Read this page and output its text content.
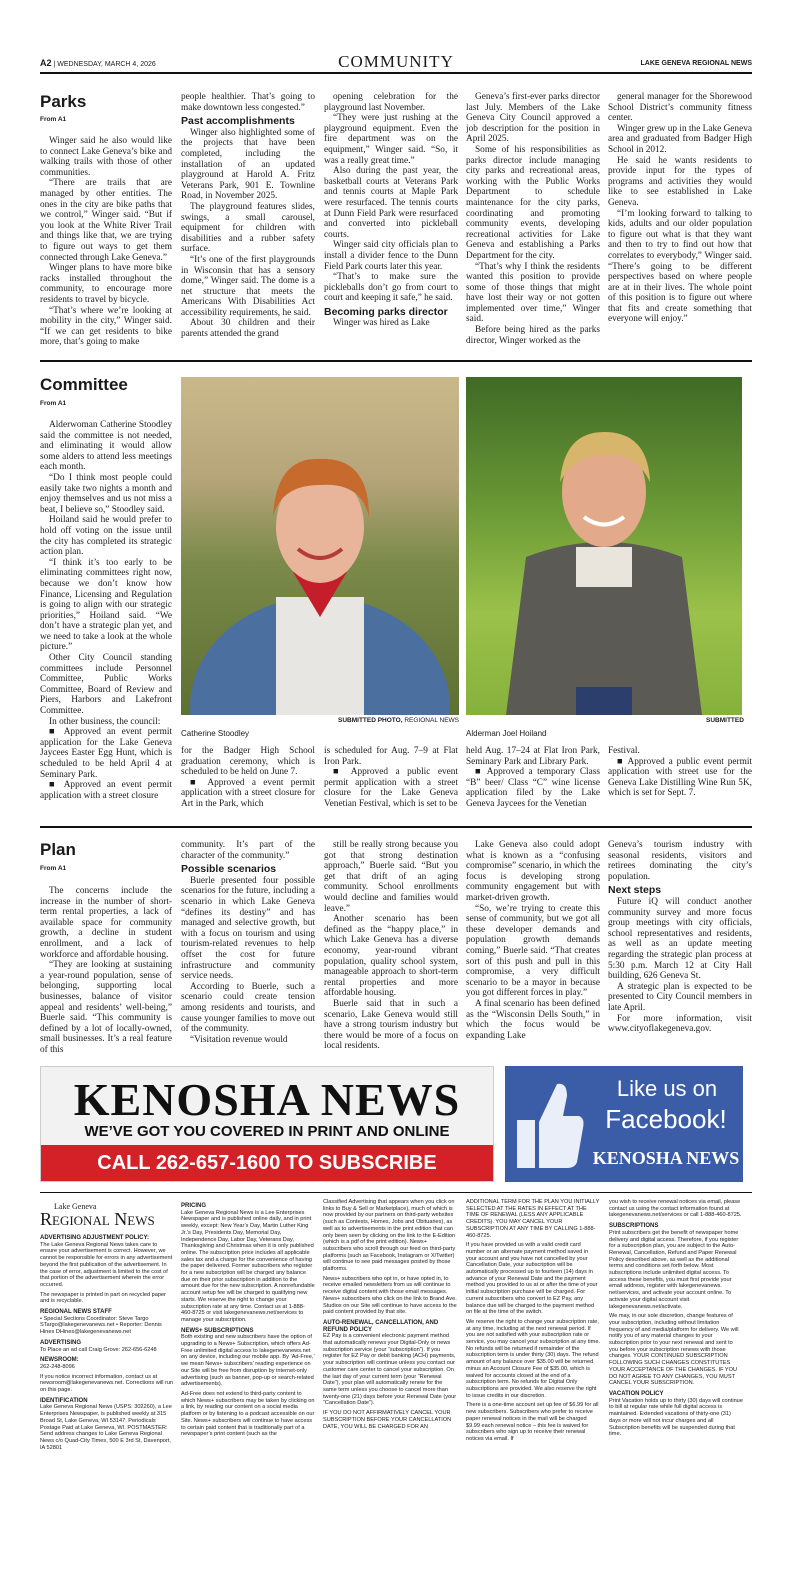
A2 | WEDNESDAY, MARCH 4, 2026	COMMUNITY	LAKE GENEVA REGIONAL NEWS
Parks
From A1

Winger said he also would like to connect Lake Geneva’s bike and walking trails with those of other communities.

“There are trails that are managed by other entities. The ones in the city are bike paths that we control,” Winger said. “But if you look at the White River Trail and things like that, we are trying to figure out ways to get them connected through Lake Geneva.”

Winger plans to have more bike racks installed throughout the community, to encourage more residents to travel by bicycle.

“That’s where we’re looking at mobility in the city,” Winger said. “If we can get residents to bike more, that’s going to make

people healthier. That’s going to make downtown less congested.”
Past accomplishments

Winger also highlighted some of the projects that have been completed, including the installation of an updated playground at Harold A. Fritz Veterans Park, 901 E. Townline Road, in November 2025.

The playground features slides, swings, a small carousel, equipment for children with disabilities and a rubber safety surface.

“It’s one of the first playgrounds in Wisconsin that has a sensory dome,” Winger said. The dome is a net structure that meets the Americans With Disabilities Act accessibility requirements, he said.

About 30 children and their parents attended the grand

opening celebration for the playground last November.

“They were just rushing at the playground equipment. Even the fire department was on the equipment,” Winger said. “So, it was a really great time.”

Also during the past year, the basketball courts at Veterans Park and tennis courts at Maple Park were resurfaced. The tennis courts at Dunn Field Park were resurfaced and converted into pickleball courts.

Winger said city officials plan to install a divider fence to the Dunn Field Park courts later this year.

“That’s to make sure the pickleballs don’t go from court to court and keeping it safe,” he said.

Becoming parks director

Winger was hired as Lake

Geneva’s first-ever parks director last July. Members of the Lake Geneva City Council approved a job description for the position in April 2025.

Some of his responsibilities as parks director include managing city parks and recreational areas, working with the Public Works Department to schedule maintenance for the city parks, coordinating and promoting community events, developing recreational activities for Lake Geneva and establishing a Parks Department for the city.

“That’s why I think the residents wanted this position to provide some of those things that might have lost their way or not gotten implemented over time,” Winger said.

Before being hired as the parks director, Winger worked as the

general manager for the Shorewood School District’s community fitness center.

Winger grew up in the Lake Geneva area and graduated from Badger High School in 2012.

He said he wants residents to provide input for the types of programs and activities they would like to see established in Lake Geneva.

“I’m looking forward to talking to kids, adults and our older population to figure out what is that they want and then to try to find out how that correlates to everybody,” Winger said. “There’s going to be different perspectives based on where people are at in their lives. The whole point of this position is to figure out where that fits and create something that everyone will enjoy.”

Committee
From A1

Alderwoman Catherine Stoodley said the committee is not needed, and eliminating it would allow some alders to attend less meetings each month.

“Do I think most people could easily take two nights a month and enjoy themselves and us not miss a beat, I believe so,” Stoodley said.

Hoiland said he would prefer to hold off voting on the issue until the city has completed its strategic action plan.

“I think it’s too early to be eliminating committees right now, because we don’t know how Finance, Licensing and Regulation is going to align with our strategic priorities,” Hoiland said. “We don’t have a strategic plan yet, and we need to take a look at the whole picture.”

Other City Council standing committees include Personnel Committee, Public Works Committee, Board of Review and Piers, Harbors and Lakefront Committee.

In other business, the council:

■ Approved an event permit application for the Lake Geneva Jaycees Easter Egg Hunt, which is scheduled to be held April 4 at Seminary Park.

■ Approved an event permit application with a street closure

SUBMITTED PHOTO, REGIONAL NEWS
Catherine Stoodley
SUBMITTED
Alderman Joel Hoiland
for the Badger High School graduation ceremony, which is scheduled to be held on June 7.

■ Approved a event permit application with a street closure for Art in the Park, which

is scheduled for Aug. 7–9 at Flat Iron Park.

■ Approved a public event permit application with a street closure for the Lake Geneva Venetian Festival, which is set to be

held Aug. 17–24 at Flat Iron Park, Seminary Park and Library Park.

■ Approved a temporary Class “B” beer/ Class “C” wine license application filed by the Lake Geneva Jaycees for the Venetian

Festival.

■ Approved a public event permit application with street use for the Geneva Lake Distilling Wine Run 5K, which is set for Sept. 7.

Plan
From A1

The concerns include the increase in the number of short-term rental properties, a lack of available space for community growth, a decline in student enrollment, and a lack of workforce and affordable housing.

“They are looking at sustaining a year-round population, sense of belonging, supporting local businesses, balance of visitor appeal and residents’ well-being,” Buerle said. “This community is defined by a lot of locally-owned, small businesses. It’s a real feature of this

community. It’s part of the character of the community.”
Possible scenarios

Buerle presented four possible scenarios for the future, including a scenario in which Lake Geneva “defines its destiny” and has managed and selective growth, but with a focus on tourism and using tourism-related revenues to help offset the cost for future infrastructure and community service needs.

According to Buerle, such a scenario could create tension among residents and tourists, and cause younger families to move out of the community.

“Visitation revenue would

still be really strong because you got that strong destination approach,” Buerle said. “But you get that drift of an aging community. School enrollments would decline and families would leave.”

Another scenario has been defined as the “happy place,” in which Lake Geneva has a diverse economy, year-round vibrant population, quality school system, manageable approach to short-term rental properties and more affordable housing.

Buerle said that in such a scenario, Lake Geneva would still have a strong tourism industry but there would be more of a focus on local residents.

Lake Geneva also could adopt what is known as a “confusing compromise” scenario, in which the focus is developing strong community engagement but with market-driven growth.

“So, we’re trying to create this sense of community, but we got all these developer demands and population growth demands coming,” Buerle said. “That creates sort of this push and pull in this compromise, a very difficult scenario to be a mayor in because you got different forces in play.”

A final scenario has been defined as the “Wisconsin Dells South,” in which the focus would be expanding Lake

Geneva’s tourism industry with seasonal residents, visitors and retirees dominating the city’s population.
Next steps

Future iQ will conduct another community survey and more focus group meetings with city officials, school representatives and residents, as well as an update meeting regarding the strategic plan process at 5:30 p.m. March 12 at City Hall building, 626 Geneva St.

A strategic plan is expected to be presented to City Council members in late April.

For more information, visit www.cityoflakegeneva.gov.

KENOSHA NEWS
WE’VE GOT YOU COVERED IN PRINT AND ONLINE
CALL 262-657-1600 TO SUBSCRIBE
Like us on
Facebook!
KENOSHA NEWS
Lake Geneva
Regional News
ADVERTISING ADJUSTMENT POLICY:

The Lake Geneva Regional News takes care to ensure your advertisement is correct. However, we cannot be responsible for errors in any advertisement beyond the first publication of the advertisement. In the case of error, adjustment is limited to the cost of that portion of the advertisement wherein the error occurred.

The newspaper is printed in part on recycled paper and is recyclable.

REGIONAL NEWS STAFF

• Special Sections Coordinator: Steve Targo STargo@lakegenevanews.net • Reporter: Dennis Hines DHines@lakegenevanews.net

ADVERTISING

To Place an ad call Craig Grove: 262-656-6248

NEWSROOM:

262-248-8096

If you notice incorrect information, contact us at newsroom@lakegenevanews.net. Corrections will run on this page.

IDENTIFICATION

Lake Geneva Regional News (USPS: 302260), a Lee Enterprises Newspaper, is published weekly at 315 Broad St, Lake Geneva, WI 53147. Periodicals Postage Paid at Lake Geneva, WI. POSTMASTER: Send address changes to Lake Geneva Regional News c/o Quad-City Times, 500 E 3rd St, Davenport, IA 52801

PRICING

Lake Geneva Regional News is a Lee Enterprises Newspaper and is published online daily, and in print weekly, except: New Year’s Day, Martin Luther King Jr.’s Day, Presidents Day, Memorial Day, Independence Day, Labor Day, Veterans Day, Thanksgiving and Christmas when it is only published online. The subscription price includes all applicable sales tax and a charge for the convenience of having the paper delivered. Former subscribers who register for a new subscription will be charged any balance due on their prior subscription in addition to the amount due for the new subscription. A nonrefundable account setup fee will be charged to qualifying new starts. We reserve the right to change your subscription rate at any time. Contact us at 1-888-460-8725 or visit lakegenevanews.net/services to manage your subscription.

NEWS+ SUBSCRIPTIONS

Both existing and new subscribers have the option of upgrading to a News+ Subscription, which offers Ad-Free unlimited digital access to lakegenevanews.net on any device, including our mobile app. By ‘Ad-Free,’ we mean News+ subscribers’ reading experience on our Site will be free from disruption by internet-only advertising (such as banner, pop-up or search-related advertisements).

Ad-Free does not extend to third-party content to which News+ subscribers may be taken by clicking on a link, by reading our content on a social media platform or by listening to a podcast accessible on our Site. News+ subscribers will continue to have access to certain paid content that is traditionally part of a newspaper’s print content (such as the

Classified Advertising that appears when you click on links to Buy & Sell or Marketplace), much of which is now provided by our partners on third-party websites (such as Contests, Homes, Jobs and Obituaries), as well as to advertisements in the print edition that can only been seen by clicking on the link to the E-Edition (which is a pdf of the print edition). News+ subscribers who scroll through our feed on third-party platforms (such as Facebook, Instagram or X/Twitter) will continue to see paid messages posted by those platforms.

News+ subscribers who opt in, or have opted in, to receive emailed newsletters from us will continue to receive digital content with those email messages. News+ subscribers who click on the link to Brand Ave. Studios on our Site will continue to have access to the paid content provided by that site.

AUTO-RENEWAL, CANCELLATION, AND REFUND POLICY

EZ Pay is a convenient electronic payment method that automatically renews your Digital-Only or news subscription service (your “subscription”). If you register for EZ Pay or debit banking (ACH) payments, your subscription will continue unless you contact our customer care center to cancel your subscription. On the last day of your current term (your “Renewal Date”), your plan will automatically renew for the same term unless you choose to cancel more than twenty-one (21) days before your Renewal Date (your “Cancellation Date”).

IF YOU DO NOT AFFIRMATIVELY CANCEL YOUR SUBSCRIPTION BEFORE YOUR CANCELLATION DATE, YOU WILL BE CHARGED FOR AN

ADDITIONAL TERM FOR THE PLAN YOU INITIALLY SELECTED AT THE RATES IN EFFECT AT THE TIME OF RENEWAL (LESS ANY APPLICABLE CREDITS). YOU MAY CANCEL YOUR SUBSCRIPTION AT ANY TIME BY CALLING 1-888-460-8725.

If you have provided us with a valid credit card number or an alternate payment method saved in your account and you have not cancelled by your Cancellation Date, your subscription will be automatically processed up to fourteen (14) days in advance of your Renewal Date and the payment method you provided to us at or after the time of your initial subscription purchase will be charged. For current subscribers who convert to EZ Pay, any balance due will be charged to the payment method on file at the time of the switch.

We reserve the right to change your subscription rate, at any time, including at the next renewal period. If you are not satisfied with your subscription rate or service, you may cancel your subscription at any time. No refunds will be returned if remainder of the subscription term is under thirty (30) days. The refund amount of any balance over $35.00 will be returned minus an Account Closure Fee of $35.00, which is waived for accounts closed at the end of a subscription term. No refunds for Digital Only subscriptions are provided. We also reserve the right to issue credits in our discretion.

There is a one-time account set up fee of $6.99 for all new subscribers. Subscribers who prefer to receive paper renewal notices in the mail will be charged $9.99 each renewal notice – this fee is waived for subscribers who sign up to receive their renewal notices via email. If

you wish to receive renewal notices via email, please contact us using the contact information found at lakegenevanews.net/services or call 1-888-460-8725.

SUBSCRIPTIONS

Print subscribers get the benefit of newspaper home delivery and digital access. Therefore, if you register for a subscription plan, you are subject to the Auto-Renewal, Cancellation, Refund and Paper Renewal Policy described above, as well as the additional terms and conditions set forth below. Most subscriptions include unlimited digital access. To access these benefits, you must first provide your email address, register with lakegenevanews. net/services, and activate your account online. To activate your digital account visit lakegenevanews.net/activate.

We may, in our sole discretion, change features of your subscription, including without limitation frequency of and media/platform for delivery. We will notify you of any material changes to your subscription prior to your next renewal and sent to you before your subscription renews with those changes. YOUR CONTINUED SUBSCRIPTION FOLLOWING SUCH CHANGES CONSTITUTES YOUR ACCEPTANCE OF THE CHANGES. IF YOU DO NOT AGREE TO ANY CHANGES, YOU MUST CANCEL YOUR SUBSCRIPTION.

VACATION POLICY

Print Vacation holds up to thirty (30) days will continue to bill at regular rate while full digital access is maintained. Extended vacations of thirty-one (31) days or more will not incur charges and all Subscription benefits will be suspended during that time.
